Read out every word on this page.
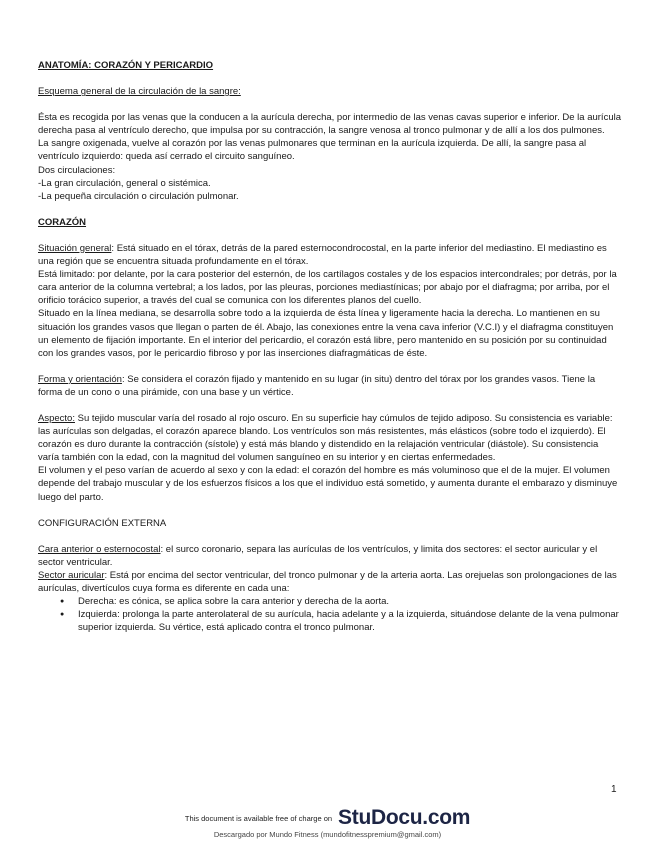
ANATOMÍA: CORAZÓN Y PERICARDIO

Esquema general de la circulación de la sangre:

Ésta es recogida por las venas que la conducen a la aurícula derecha, por intermedio de las venas cavas superior e inferior. De la aurícula derecha pasa al ventrículo derecho, que impulsa por su contracción, la sangre venosa al tronco pulmonar y de allí a los dos pulmones.

La sangre oxigenada, vuelve al corazón por las venas pulmonares que terminan en la aurícula izquierda. De allí, la sangre pasa al ventrículo izquierdo: queda así cerrado el circuito sanguíneo.

Dos circulaciones:

-La gran circulación, general o sistémica.

-La pequeña circulación o circulación pulmonar.

CORAZÓN

Situación general: Está situado en el tórax, detrás de la pared esternocondrocostal, en la parte inferior del mediastino. El mediastino es una región que se encuentra situada profundamente en el tórax.

Está limitado: por delante, por la cara posterior del esternón, de los cartílagos costales y de los espacios intercondrales; por detrás, por la cara anterior de la columna vertebral; a los lados, por las pleuras, porciones mediastínicas; por abajo por el diafragma; por arriba, por el orificio torácico superior, a través del cual se comunica con los diferentes planos del cuello.

Situado en la línea mediana, se desarrolla sobre todo a la izquierda de ésta línea y ligeramente hacia la derecha. Lo mantienen en su situación los grandes vasos que llegan o parten de él. Abajo, las conexiones entre la vena cava inferior (V.C.I) y el diafragma constituyen un elemento de fijación importante. En el interior del pericardio, el corazón está libre, pero mantenido en su posición por su continuidad con los grandes vasos, por le pericardio fibroso y por las inserciones diafragmáticas de éste.

Forma y orientación: Se considera el corazón fijado y mantenido en su lugar (in situ) dentro del tórax por los grandes vasos. Tiene la forma de un cono o una pirámide, con una base y un vértice.

Aspecto: Su tejido muscular varía del rosado al rojo oscuro. En su superficie hay cúmulos de tejido adiposo. Su consistencia es variable: las aurículas son delgadas, el corazón aparece blando. Los ventrículos son más resistentes, más elásticos (sobre todo el izquierdo). El corazón es duro durante la contracción (sístole) y está más blando y distendido en la relajación ventricular (diástole). Su consistencia varía también con la edad, con la magnitud del volumen sanguíneo en su interior y en ciertas enfermedades.

El volumen y el peso varían de acuerdo al sexo y con la edad: el corazón del hombre es más voluminoso que el de la mujer. El volumen depende del trabajo muscular y de los esfuerzos físicos a los que el individuo está sometido, y aumenta durante el embarazo y disminuye luego del parto.

CONFIGURACIÓN EXTERNA

Cara anterior o esternocostal: el surco coronario, separa las aurículas de los ventrículos, y limita dos sectores: el sector auricular y el sector ventricular.

Sector auricular: Está por encima del sector ventricular, del tronco pulmonar y de la arteria aorta. Las orejuelas son prolongaciones de las aurículas, divertículos cuya forma es diferente en cada una:

● Derecha: es cónica, se aplica sobre la cara anterior y derecha de la aorta.
● Izquierda: prolonga la parte anterolateral de su aurícula, hacia adelante y a la izquierda, situándose delante de la vena pulmonar superior izquierda. Su vértice, está aplicado contra el tronco pulmonar.
1
This document is available free of charge on StuDocu.com
Descargado por Mundo Fitness (mundofitnesspremium@gmail.com)
